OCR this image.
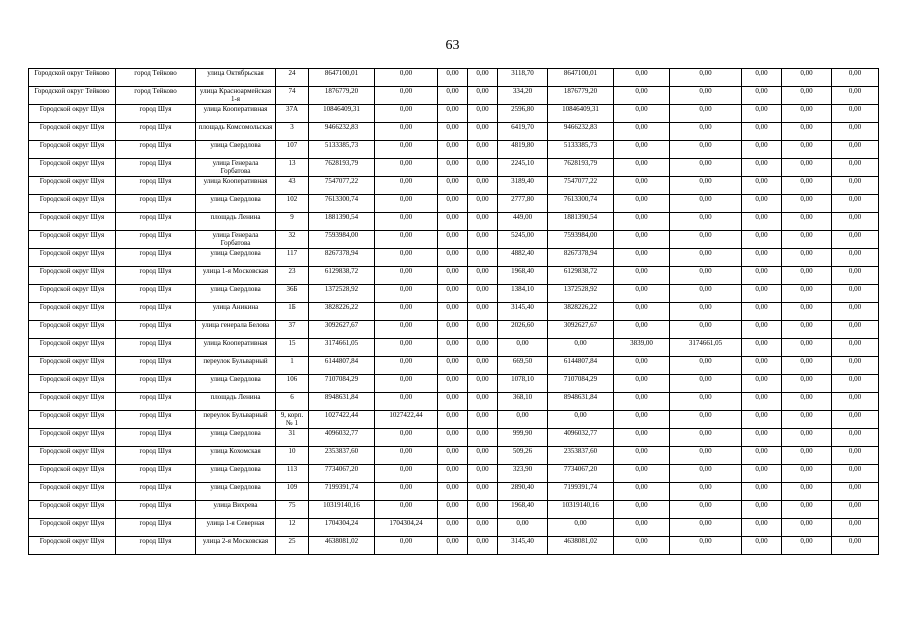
63
Городской округ Тейково	город Тейково	улица Октябрьская	24	8647100,01	0,00	0,00	0,00	3118,70	8647100,01	0,00	0,00	0,00	0,00	0,00
Городской округ Тейково	город Тейково	улица Красноармейская 1-я	74	1876779,20	0,00	0,00	0,00	334,20	1876779,20	0,00	0,00	0,00	0,00	0,00
Городской округ Шуя	город Шуя	улица Кооперативная	37А	10846409,31	0,00	0,00	0,00	2596,80	10846409,31	0,00	0,00	0,00	0,00	0,00
Городской округ Шуя	город Шуя	площадь Комсомольская	3	9466232,83	0,00	0,00	0,00	6419,70	9466232,83	0,00	0,00	0,00	0,00	0,00
Городской округ Шуя	город Шуя	улица Свердлова	107	5133385,73	0,00	0,00	0,00	4819,80	5133385,73	0,00	0,00	0,00	0,00	0,00
Городской округ Шуя	город Шуя	улица Генерала Горбатова	13	7628193,79	0,00	0,00	0,00	2245,10	7628193,79	0,00	0,00	0,00	0,00	0,00
Городской округ Шуя	город Шуя	улица Кооперативная	43	7547077,22	0,00	0,00	0,00	3189,40	7547077,22	0,00	0,00	0,00	0,00	0,00
Городской округ Шуя	город Шуя	улица Свердлова	102	7613300,74	0,00	0,00	0,00	2777,80	7613300,74	0,00	0,00	0,00	0,00	0,00
Городской округ Шуя	город Шуя	площадь Ленина	9	1881390,54	0,00	0,00	0,00	449,00	1881390,54	0,00	0,00	0,00	0,00	0,00
Городской округ Шуя	город Шуя	улица Генерала Горбатова	32	7593984,00	0,00	0,00	0,00	5245,00	7593984,00	0,00	0,00	0,00	0,00	0,00
Городской округ Шуя	город Шуя	улица Свердлова	117	8267378,94	0,00	0,00	0,00	4882,40	8267378,94	0,00	0,00	0,00	0,00	0,00
Городской округ Шуя	город Шуя	улица 1-я Московская	23	6129838,72	0,00	0,00	0,00	1968,40	6129838,72	0,00	0,00	0,00	0,00	0,00
Городской округ Шуя	город Шуя	улица Свердлова	36Б	1372528,92	0,00	0,00	0,00	1384,10	1372528,92	0,00	0,00	0,00	0,00	0,00
Городской округ Шуя	город Шуя	улица Аникина	1Б	3828226,22	0,00	0,00	0,00	3145,40	3828226,22	0,00	0,00	0,00	0,00	0,00
Городской округ Шуя	город Шуя	улица генерала Белова	37	3092627,67	0,00	0,00	0,00	2026,60	3092627,67	0,00	0,00	0,00	0,00	0,00
Городской округ Шуя	город Шуя	улица Кооперативная	15	3174661,05	0,00	0,00	0,00	0,00	0,00	3839,00	3174661,05	0,00	0,00	0,00
Городской округ Шуя	город Шуя	переулок Бульварный	1	6144807,84	0,00	0,00	0,00	669,50	6144807,84	0,00	0,00	0,00	0,00	0,00
Городской округ Шуя	город Шуя	улица Свердлова	106	7107084,29	0,00	0,00	0,00	1078,10	7107084,29	0,00	0,00	0,00	0,00	0,00
Городской округ Шуя	город Шуя	площадь Ленина	6	8948631,84	0,00	0,00	0,00	368,10	8948631,84	0,00	0,00	0,00	0,00	0,00
Городской округ Шуя	город Шуя	переулок Бульварный	9, корп. № 1	1027422,44	1027422,44	0,00	0,00	0,00	0,00	0,00	0,00	0,00	0,00	0,00
Городской округ Шуя	город Шуя	улица Свердлова	31	4096032,77	0,00	0,00	0,00	999,90	4096032,77	0,00	0,00	0,00	0,00	0,00
Городской округ Шуя	город Шуя	улица Кохомская	10	2353837,60	0,00	0,00	0,00	509,26	2353837,60	0,00	0,00	0,00	0,00	0,00
Городской округ Шуя	город Шуя	улица Свердлова	113	7734067,20	0,00	0,00	0,00	323,90	7734067,20	0,00	0,00	0,00	0,00	0,00
Городской округ Шуя	город Шуя	улица Свердлова	109	7199391,74	0,00	0,00	0,00	2890,40	7199391,74	0,00	0,00	0,00	0,00	0,00
Городской округ Шуя	город Шуя	улица Вихрева	75	10319140,16	0,00	0,00	0,00	1968,40	10319140,16	0,00	0,00	0,00	0,00	0,00
Городской округ Шуя	город Шуя	улица 1-я Северная	12	1704304,24	1704304,24	0,00	0,00	0,00	0,00	0,00	0,00	0,00	0,00	0,00
Городской округ Шуя	город Шуя	улица 2-я Московская	25	4638081,02	0,00	0,00	0,00	3145,40	4638081,02	0,00	0,00	0,00	0,00	0,00
